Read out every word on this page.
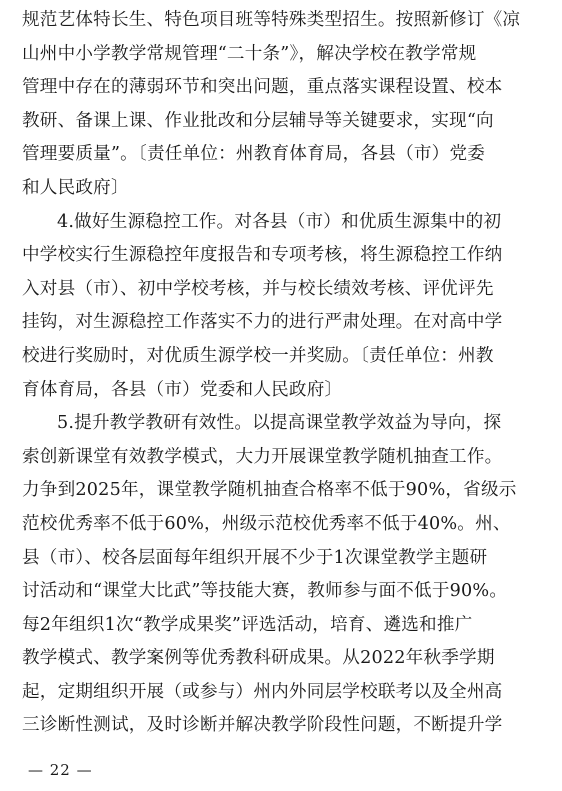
规范艺体特长生、特色项目班等特殊类型招生。按照新修订《凉
山州中小学教学常规管理“二十条”》，解决学校在教学常规
管理中存在的薄弱环节和突出问题，重点落实课程设置、校本
教研、备课上课、作业批改和分层辅导等关键要求，实现“向
管理要质量”。〔责任单位：州教育体育局，各县（市）党委
和人民政府〕
4.做好生源稳控工作。对各县（市）和优质生源集中的初
中学校实行生源稳控年度报告和专项考核，将生源稳控工作纳
入对县（市）、初中学校考核，并与校长绩效考核、评优评先
挂钩，对生源稳控工作落实不力的进行严肃处理。在对高中学
校进行奖励时，对优质生源学校一并奖励。〔责任单位：州教
育体育局，各县（市）党委和人民政府〕
5.提升教学教研有效性。以提高课堂教学效益为导向，探
索创新课堂有效教学模式，大力开展课堂教学随机抽查工作。
力争到2025年，课堂教学随机抽查合格率不低于90%，省级示
范校优秀率不低于60%，州级示范校优秀率不低于40%。州、
县（市）、校各层面每年组织开展不少于1次课堂教学主题研
讨活动和“课堂大比武”等技能大赛，教师参与面不低于90%。
每2年组织1次“教学成果奖”评选活动，培育、遴选和推广
教学模式、教学案例等优秀教科研成果。从2022年秋季学期
起，定期组织开展（或参与）州内外同层学校联考以及全州高
三诊断性测试，及时诊断并解决教学阶段性问题，不断提升学
— 22 —
